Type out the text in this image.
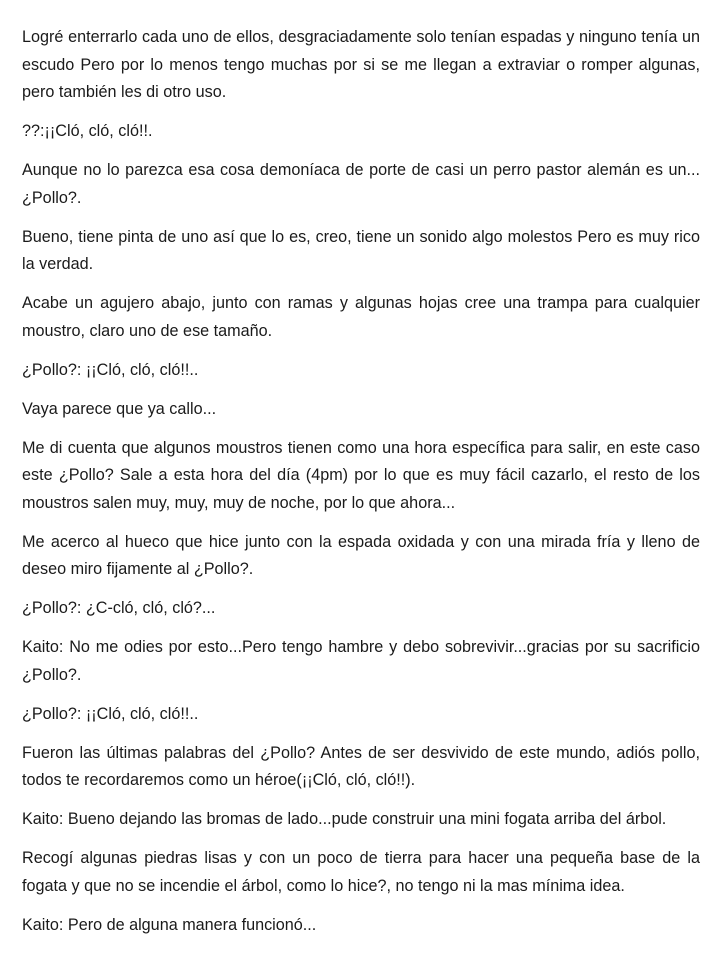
Logré enterrarlo cada uno de ellos, desgraciadamente solo tenían espadas y ninguno tenía un escudo Pero por lo menos tengo muchas por si se me llegan a extraviar o romper algunas, pero también les di otro uso.

??:¡¡Cló, cló, cló!!.

Aunque no lo parezca esa cosa demoníaca de porte de casi un perro pastor alemán es un...¿Pollo?.

Bueno, tiene pinta de uno así que lo es, creo, tiene un sonido algo molestos Pero es muy rico la verdad.

Acabe un agujero abajo, junto con ramas y algunas hojas cree una trampa para cualquier moustro, claro uno de ese tamaño.

¿Pollo?: ¡¡Cló, cló, cló!!..

Vaya parece que ya callo...

Me di cuenta que algunos moustros tienen como una hora específica para salir, en este caso este ¿Pollo? Sale a esta hora del día (4pm) por lo que es muy fácil cazarlo, el resto de los moustros salen muy, muy, muy de noche, por lo que ahora...

Me acerco al hueco que hice junto con la espada oxidada y con una mirada fría y lleno de deseo miro fijamente al ¿Pollo?.

¿Pollo?: ¿C-cló, cló, cló?...

Kaito: No me odies por esto...Pero tengo hambre y debo sobrevivir...gracias por su sacrificio ¿Pollo?.

¿Pollo?: ¡¡Cló, cló, cló!!..

Fueron las últimas palabras del ¿Pollo? Antes de ser desvivido de este mundo, adiós pollo, todos te recordaremos como un héroe(¡¡Cló, cló, cló!!).

Kaito: Bueno dejando las bromas de lado...pude construir una mini fogata arriba del árbol.

Recogí algunas piedras lisas y con un poco de tierra para hacer una pequeña base de la fogata y que no se incendie el árbol, como lo hice?, no tengo ni la mas mínima idea.

Kaito: Pero de alguna manera funcionó...
